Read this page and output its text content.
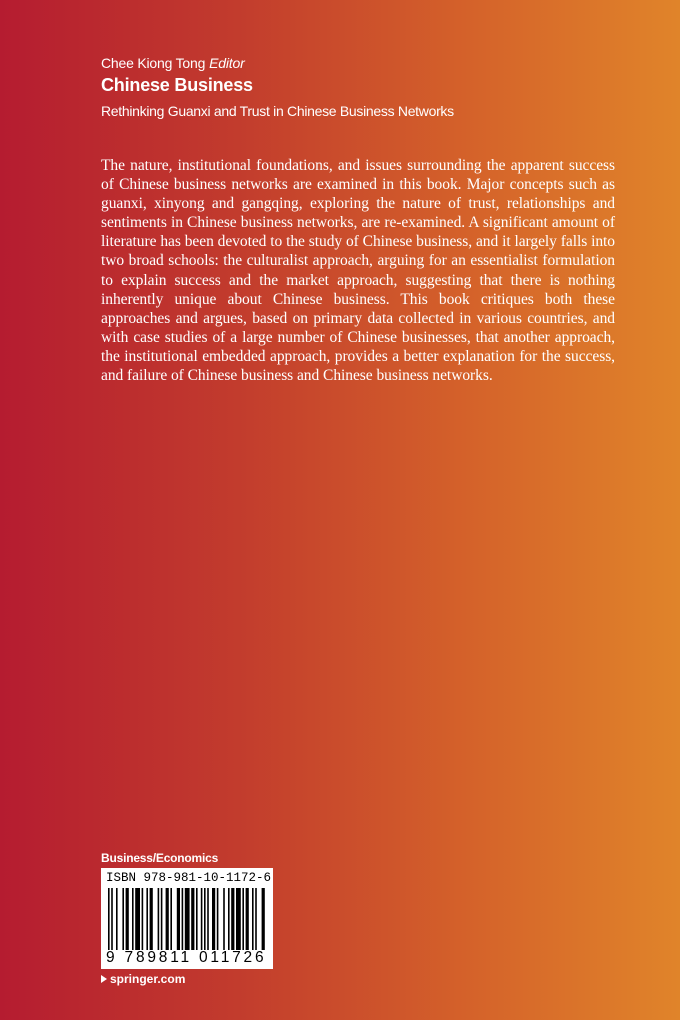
Chee Kiong Tong Editor
Chinese Business
Rethinking Guanxi and Trust in Chinese Business Networks
The nature, institutional foundations, and issues surrounding the apparent success of Chinese business networks are examined in this book. Major concepts such as guanxi, xinyong and gangqing, exploring the nature of trust, relationships and sentiments in Chinese business networks, are re-examined. A significant amount of literature has been devoted to the study of Chinese business, and it largely falls into two broad schools: the culturalist approach, arguing for an essentialist formulation to explain success and the market approach, suggesting that there is nothing inherently unique about Chinese business. This book critiques both these approaches and argues, based on primary data collected in various countries, and with case studies of a large number of Chinese businesses, that another approach, the institutional embedded approach, provides a better explanation for the success, and failure of Chinese business and Chinese business networks.
Business/Economics
ISBN 978-981-10-1172-6
9 789811 011726
springer.com
